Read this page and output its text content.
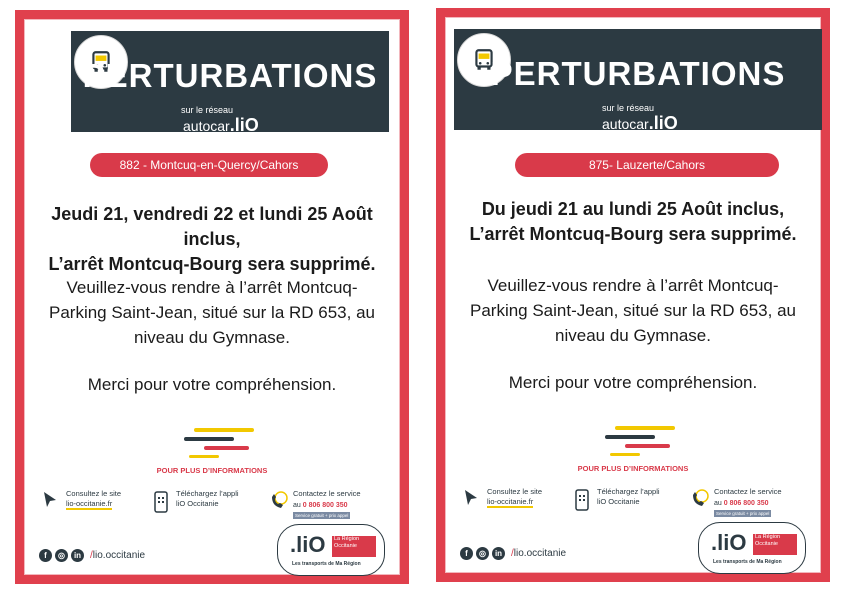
PERTURBATIONS
sur le réseau
autocar.liO
882 - Montcuq-en-Quercy/Cahors
Jeudi 21, vendredi 22 et lundi 25 Août inclus,
L’arrêt Montcuq-Bourg sera supprimé.
Veuillez-vous rendre à l’arrêt Montcuq-
Parking Saint-Jean, situé sur la RD 653, au
niveau du Gymnase.
Merci pour votre compréhension.
POUR PLUS D’INFORMATIONS
Consultez le site
lio-occitanie.fr
Téléchargez l’appli
liO Occitanie
Contactez le service
au 0 806 800 350 Service gratuit + prix appel
f	◎	in /lio.occitanie	.liO	La Région Occitanie
Les transports de Ma Région
PERTURBATIONS
sur le réseau
autocar.liO
875- Lauzerte/Cahors
Du jeudi 21 au lundi 25 Août inclus,
L’arrêt Montcuq-Bourg sera supprimé.
Veuillez-vous rendre à l’arrêt Montcuq-
Parking Saint-Jean, situé sur la RD 653, au
niveau du Gymnase.
Merci pour votre compréhension.
POUR PLUS D’INFORMATIONS
Consultez le site
lio-occitanie.fr
Téléchargez l’appli
liO Occitanie
Contactez le service
au 0 806 800 350 Service gratuit + prix appel
f	◎	in /lio.occitanie	.liO	La Région Occitanie
Les transports de Ma Région
